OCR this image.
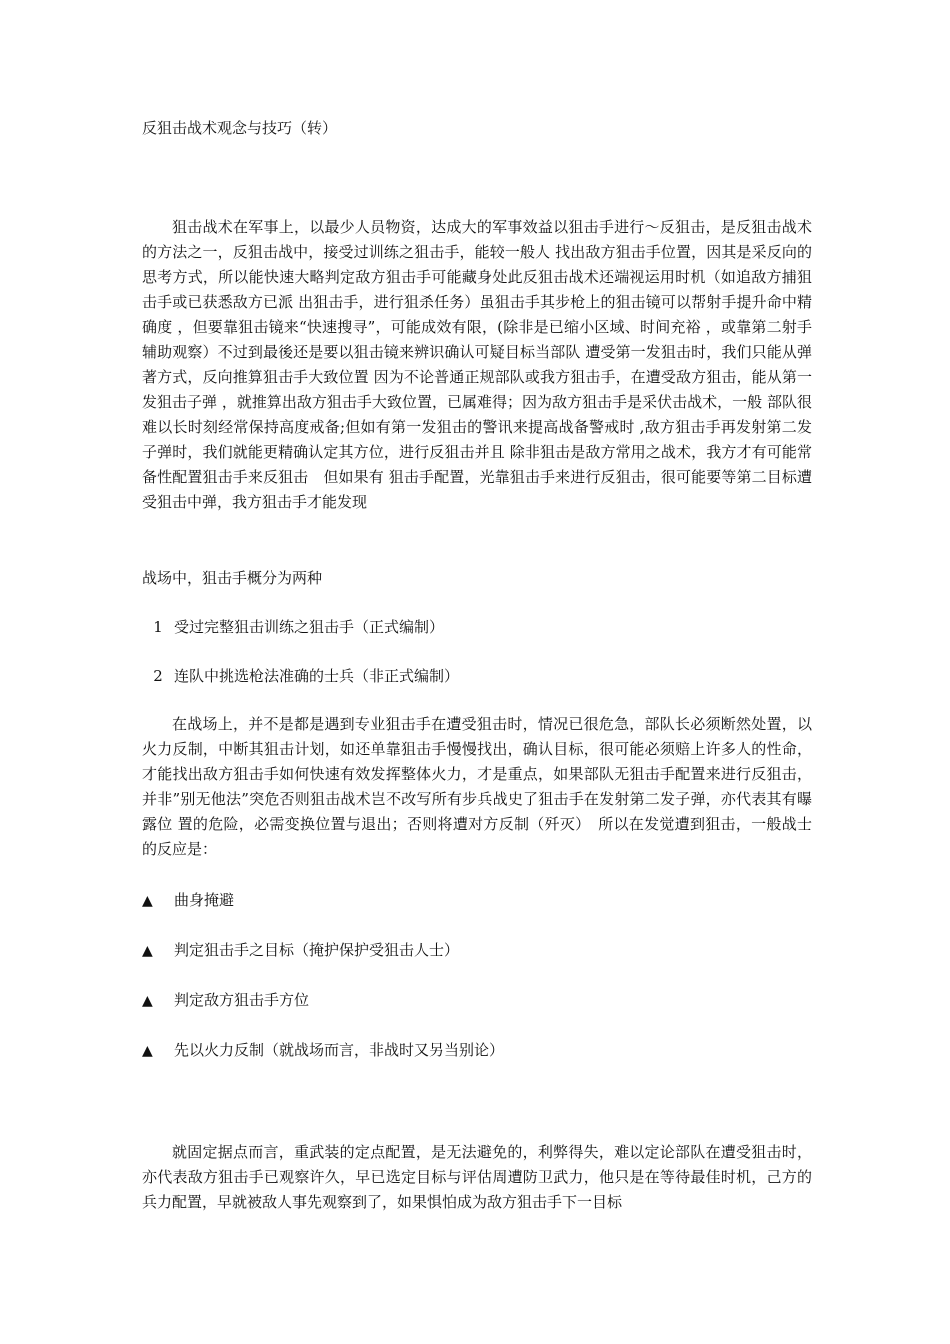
反狙击战术观念与技巧（转）

狙击战术在军事上，以最少人员物资，达成大的军事效益以狙击手进行～反狙击，是反狙击战术的方法之一，反狙击战中，接受过训练之狙击手，能较一般人 找出敌方狙击手位置，因其是采反向的思考方式，所以能快速大略判定敌方狙击手可能藏身处此反狙击战术还端视运用时机（如追敌方捕狙击手或已获悉敌方已派 出狙击手，进行狙杀任务）虽狙击手其步枪上的狙击镜可以帮射手提升命中精确度 ，但要靠狙击镜来“快速搜寻”，可能成效有限，(除非是已缩小区域、时间充裕 ，或靠第二射手辅助观察）不过到最後还是要以狙击镜来辨识确认可疑目标当部队 遭受第一发狙击时，我们只能从弹著方式，反向推算狙击手大致位置 因为不论普通正规部队或我方狙击手，在遭受敌方狙击，能从第一发狙击子弹 ，就推算出敌方狙击手大致位置，已属难得；因为敌方狙击手是采伏击战术，一般 部队很难以长时刻经常保持高度戒备;但如有第一发狙击的警讯来提高战备警戒时 ,敌方狙击手再发射第二发子弹时，我们就能更精确认定其方位，进行反狙击并且 除非狙击是敌方常用之战术，我方才有可能常备性配置狙击手来反狙击　但如果有 狙击手配置，光靠狙击手来进行反狙击，很可能要等第二目标遭受狙击中弹，我方狙击手才能发现

战场中，狙击手概分为两种

1 受过完整狙击训练之狙击手（正式编制）
2 连队中挑选枪法准确的士兵（非正式编制）

在战场上，并不是都是遇到专业狙击手在遭受狙击时，情况已很危急，部队长必须断然处置，以火力反制，中断其狙击计划，如还单靠狙击手慢慢找出，确认目标，很可能必须赔上许多人的性命，才能找出敌方狙击手如何快速有效发挥整体火力，才是重点，如果部队无狙击手配置来进行反狙击，并非”别无他法”突危否则狙击战术岂不改写所有步兵战史了狙击手在发射第二发子弹，亦代表其有曝露位 置的危险，必需变换位置与退出；否则将遭对方反制（歼灭）　所以在发觉遭到狙击，一般战士的反应是：

▲ 曲身掩避
▲ 判定狙击手之目标（掩护保护受狙击人士）
▲ 判定敌方狙击手方位
▲ 先以火力反制（就战场而言，非战时又另当别论）

就固定据点而言，重武装的定点配置，是无法避免的，利弊得失，难以定论部队在遭受狙击时，亦代表敌方狙击手已观察许久，早已选定目标与评估周遭防卫武力，他只是在等待最佳时机，己方的兵力配置，早就被敌人事先观察到了，如果惧怕成为敌方狙击手下一目标
